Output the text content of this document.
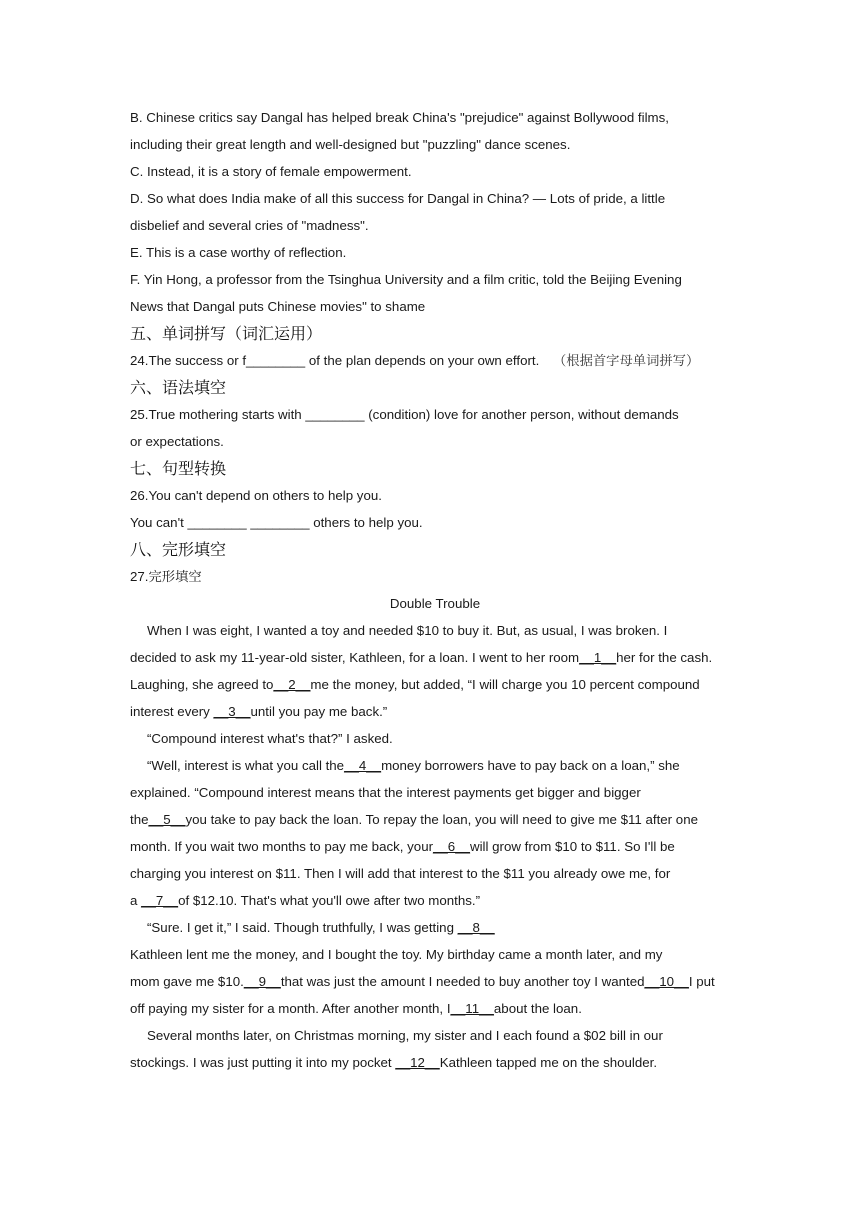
B. Chinese critics say Dangal has helped break China's "prejudice" against Bollywood films,

including their great length and well-designed but "puzzling" dance scenes.

C. Instead, it is a story of female empowerment.

D. So what does India make of all this success for Dangal in China? — Lots of pride, a little

disbelief and several cries of "madness".

E. This is a case worthy of reflection.

F. Yin Hong, a professor from the Tsinghua University and a film critic, told the Beijing Evening

News that Dangal puts Chinese movies" to shame

五、单词拼写（词汇运用）

24.The success or f________ of the plan depends on your own effort. （根据首字母单词拼写）

六、语法填空

25.True mothering starts with ________ (condition) love for another person, without demands

or expectations.

七、句型转换

26.You can't depend on others to help you.

You can't ________ ________ others to help you.

八、完形填空

27.完形填空

Double Trouble

When I was eight, I wanted a toy and needed $10 to buy it. But, as usual, I was broken. I

decided to ask my 11-year-old sister, Kathleen, for a loan. I went to her room__1__her for the cash.

Laughing, she agreed to__2__me the money, but added, “I will charge you 10 percent compound

interest every __3__until you pay me back.”

“Compound interest what's that?” I asked.

“Well, interest is what you call the__4__money borrowers have to pay back on a loan,” she

explained. “Compound interest means that the interest payments get bigger and bigger

the__5__you take to pay back the loan. To repay the loan, you will need to give me $11 after one

month. If you wait two months to pay me back, your__6__will grow from $10 to $11. So I'll be

charging you interest on $11. Then I will add that interest to the $11 you already owe me, for

a __7__of $12.10. That's what you'll owe after two months.”

“Sure. I get it,” I said. Though truthfully, I was getting __8__

Kathleen lent me the money, and I bought the toy. My birthday came a month later, and my

mom gave me $10.__9__that was just the amount I needed to buy another toy I wanted__10__I put

off paying my sister for a month. After another month, I__11__about the loan.

Several months later, on Christmas morning, my sister and I each found a $02 bill in our

stockings. I was just putting it into my pocket __12__Kathleen tapped me on the shoulder.
